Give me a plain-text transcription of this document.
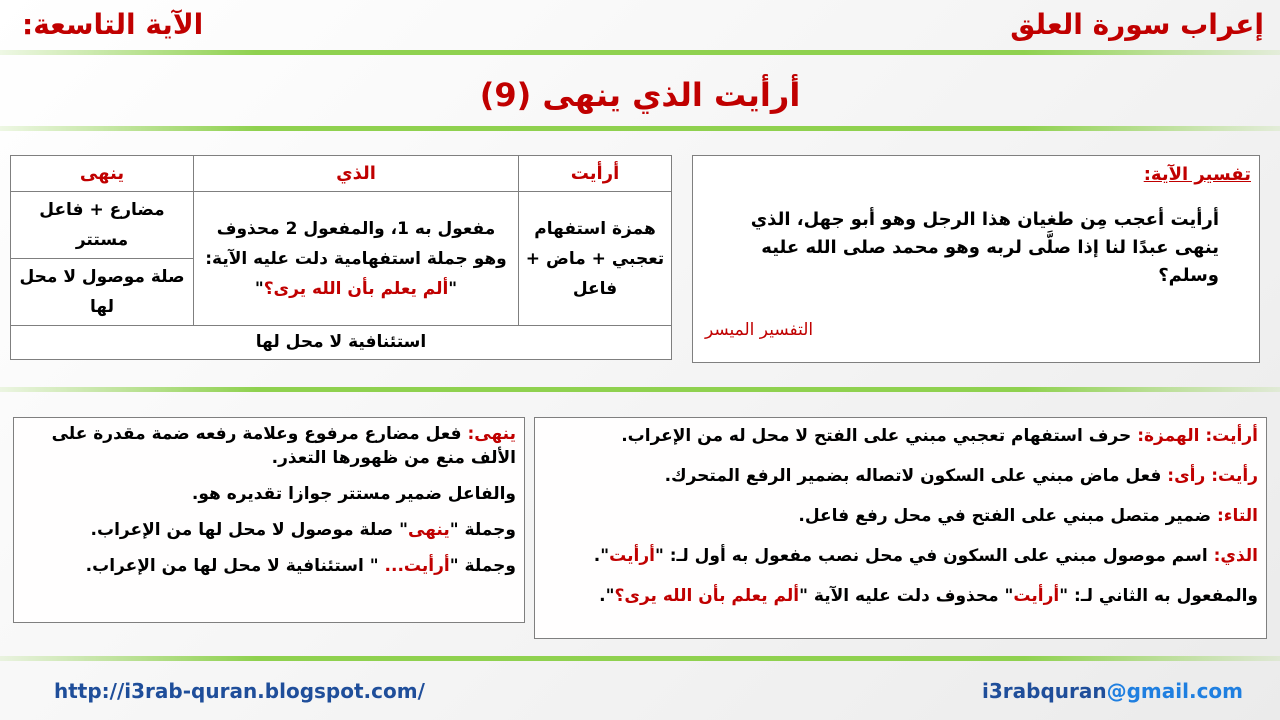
إعراب سورة العلق
الآية التاسعة:
أرأيت الذي ينهى (9)
أرأيت	الذي	ينهى
همزة استفهام تعجبي + ماض + فاعل	مفعول به 1، والمفعول 2 محذوف وهو جملة استفهامية دلت عليه الآية: "ألم يعلم بأن الله يرى؟"	مضارع + فاعل مستتر
		صلة موصول لا محل لها
استئنافية لا محل لها		
تفسير الآية:
أرأيت أعجب مِن طغيان هذا الرجل وهو أبو جهل، الذي ينهى عبدًا لنا إذا صلَّى لربه وهو محمد صلى الله عليه وسلم؟
التفسير الميسر

ينهى: فعل مضارع مرفوع وعلامة رفعه ضمة مقدرة على الألف منع من ظهورها التعذر.

والفاعل ضمير مستتر جوازا تقديره هو.

وجملة "ينهى" صلة موصول لا محل لها من الإعراب.

وجملة "أرأيت... " استئنافية لا محل لها من الإعراب.

أرأيت: الهمزة: حرف استفهام تعجبي مبني على الفتح لا محل له من الإعراب.

رأيت: رأى: فعل ماض مبني على السكون لاتصاله بضمير الرفع المتحرك.

التاء: ضمير متصل مبني على الفتح في محل رفع فاعل.

الذي: اسم موصول مبني على السكون في محل نصب مفعول به أول لـ: "أرأيت".

والمفعول به الثاني لـ: "أرأيت" محذوف دلت عليه الآية "ألم يعلم بأن الله يرى؟".

http://i3rab-quran.blogspot.com/	i3rabquran@gmail.com
